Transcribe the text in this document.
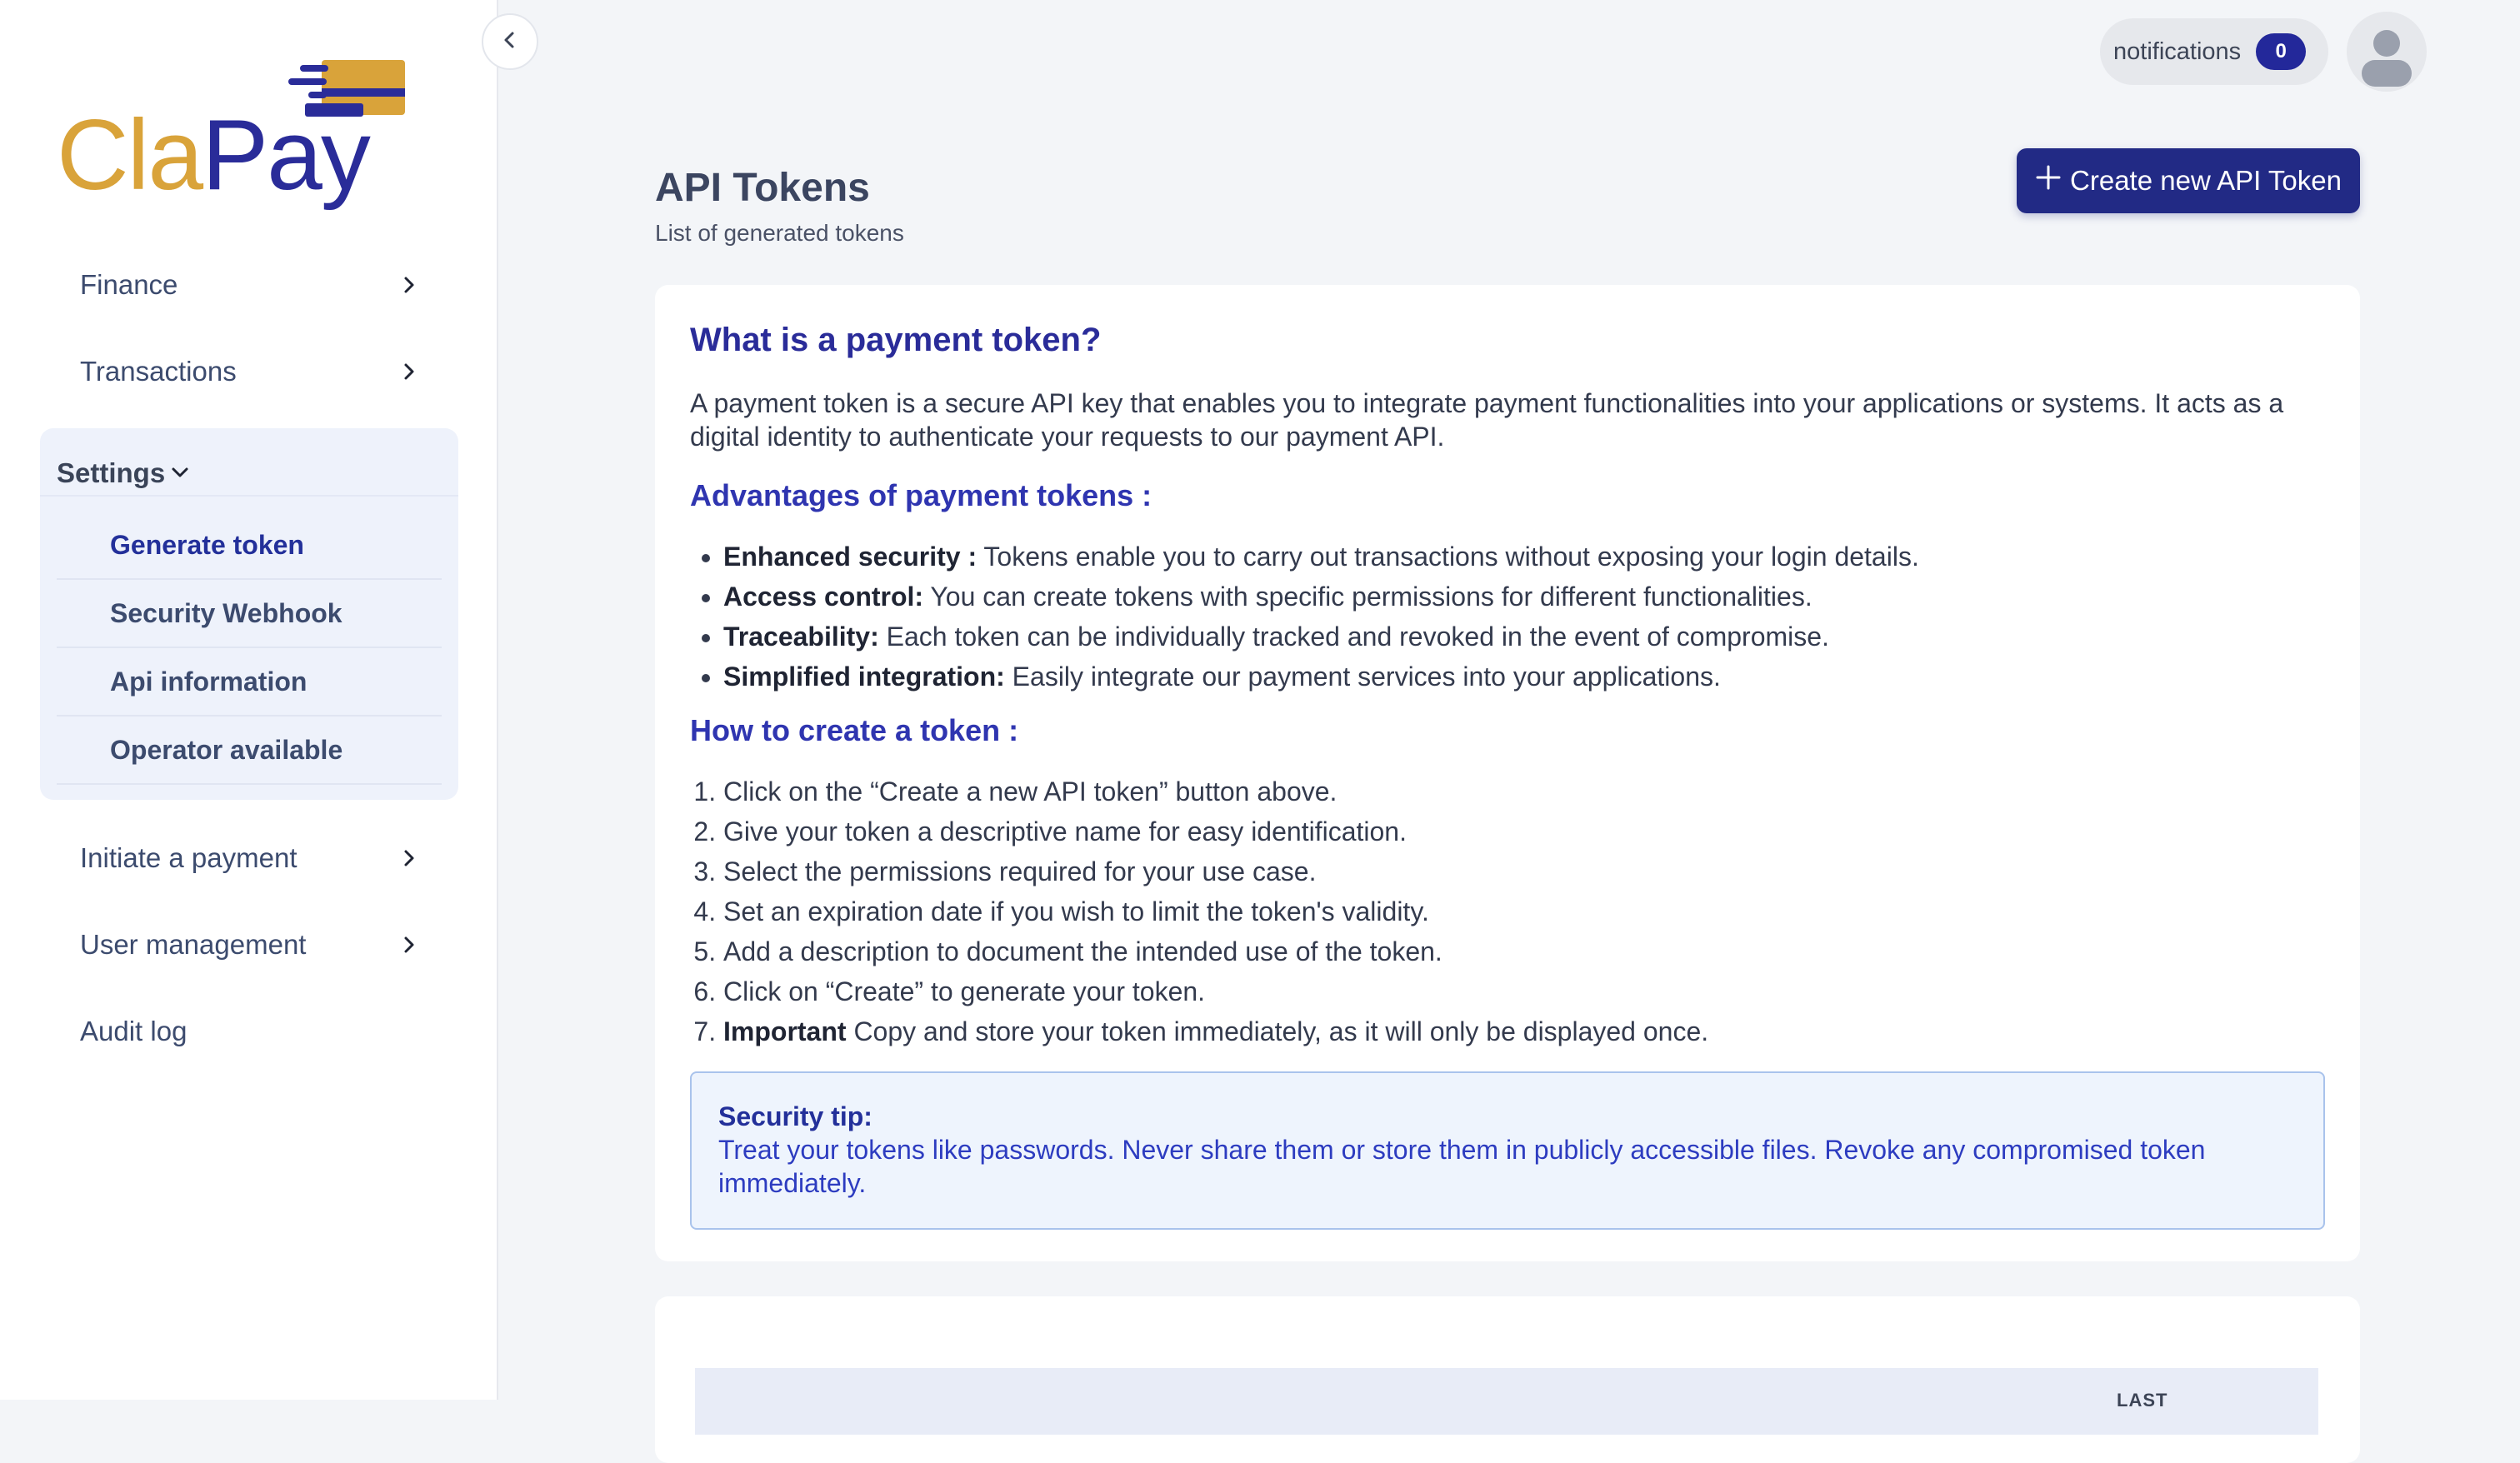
ClaPay
Finance
Transactions
Settings
Generate token
Security Webhook
Api information
Operator available
Initiate a payment
User management
Audit log
notifications	0
API Tokens
List of generated tokens
Create new API Token
What is a payment token?

A payment token is a secure API key that enables you to integrate payment functionalities into your applications or systems. It acts as a digital identity to authenticate your requests to our payment API.

Advantages of payment tokens :
• Enhanced security : Tokens enable you to carry out transactions without exposing your login details.
• Access control: You can create tokens with specific permissions for different functionalities.
• Traceability: Each token can be individually tracked and revoked in the event of compromise.
• Simplified integration: Easily integrate our payment services into your applications.
How to create a token :
1. Click on the “Create a new API token” button above.
2. Give your token a descriptive name for easy identification.
3. Select the permissions required for your use case.
4. Set an expiration date if you wish to limit the token's validity.
5. Add a description to document the intended use of the token.
6. Click on “Create” to generate your token.
7. Important Copy and store your token immediately, as it will only be displayed once.
Security tip:
Treat your tokens like passwords. Never share them or store them in publicly accessible files. Revoke any compromised token immediately.
LAST
